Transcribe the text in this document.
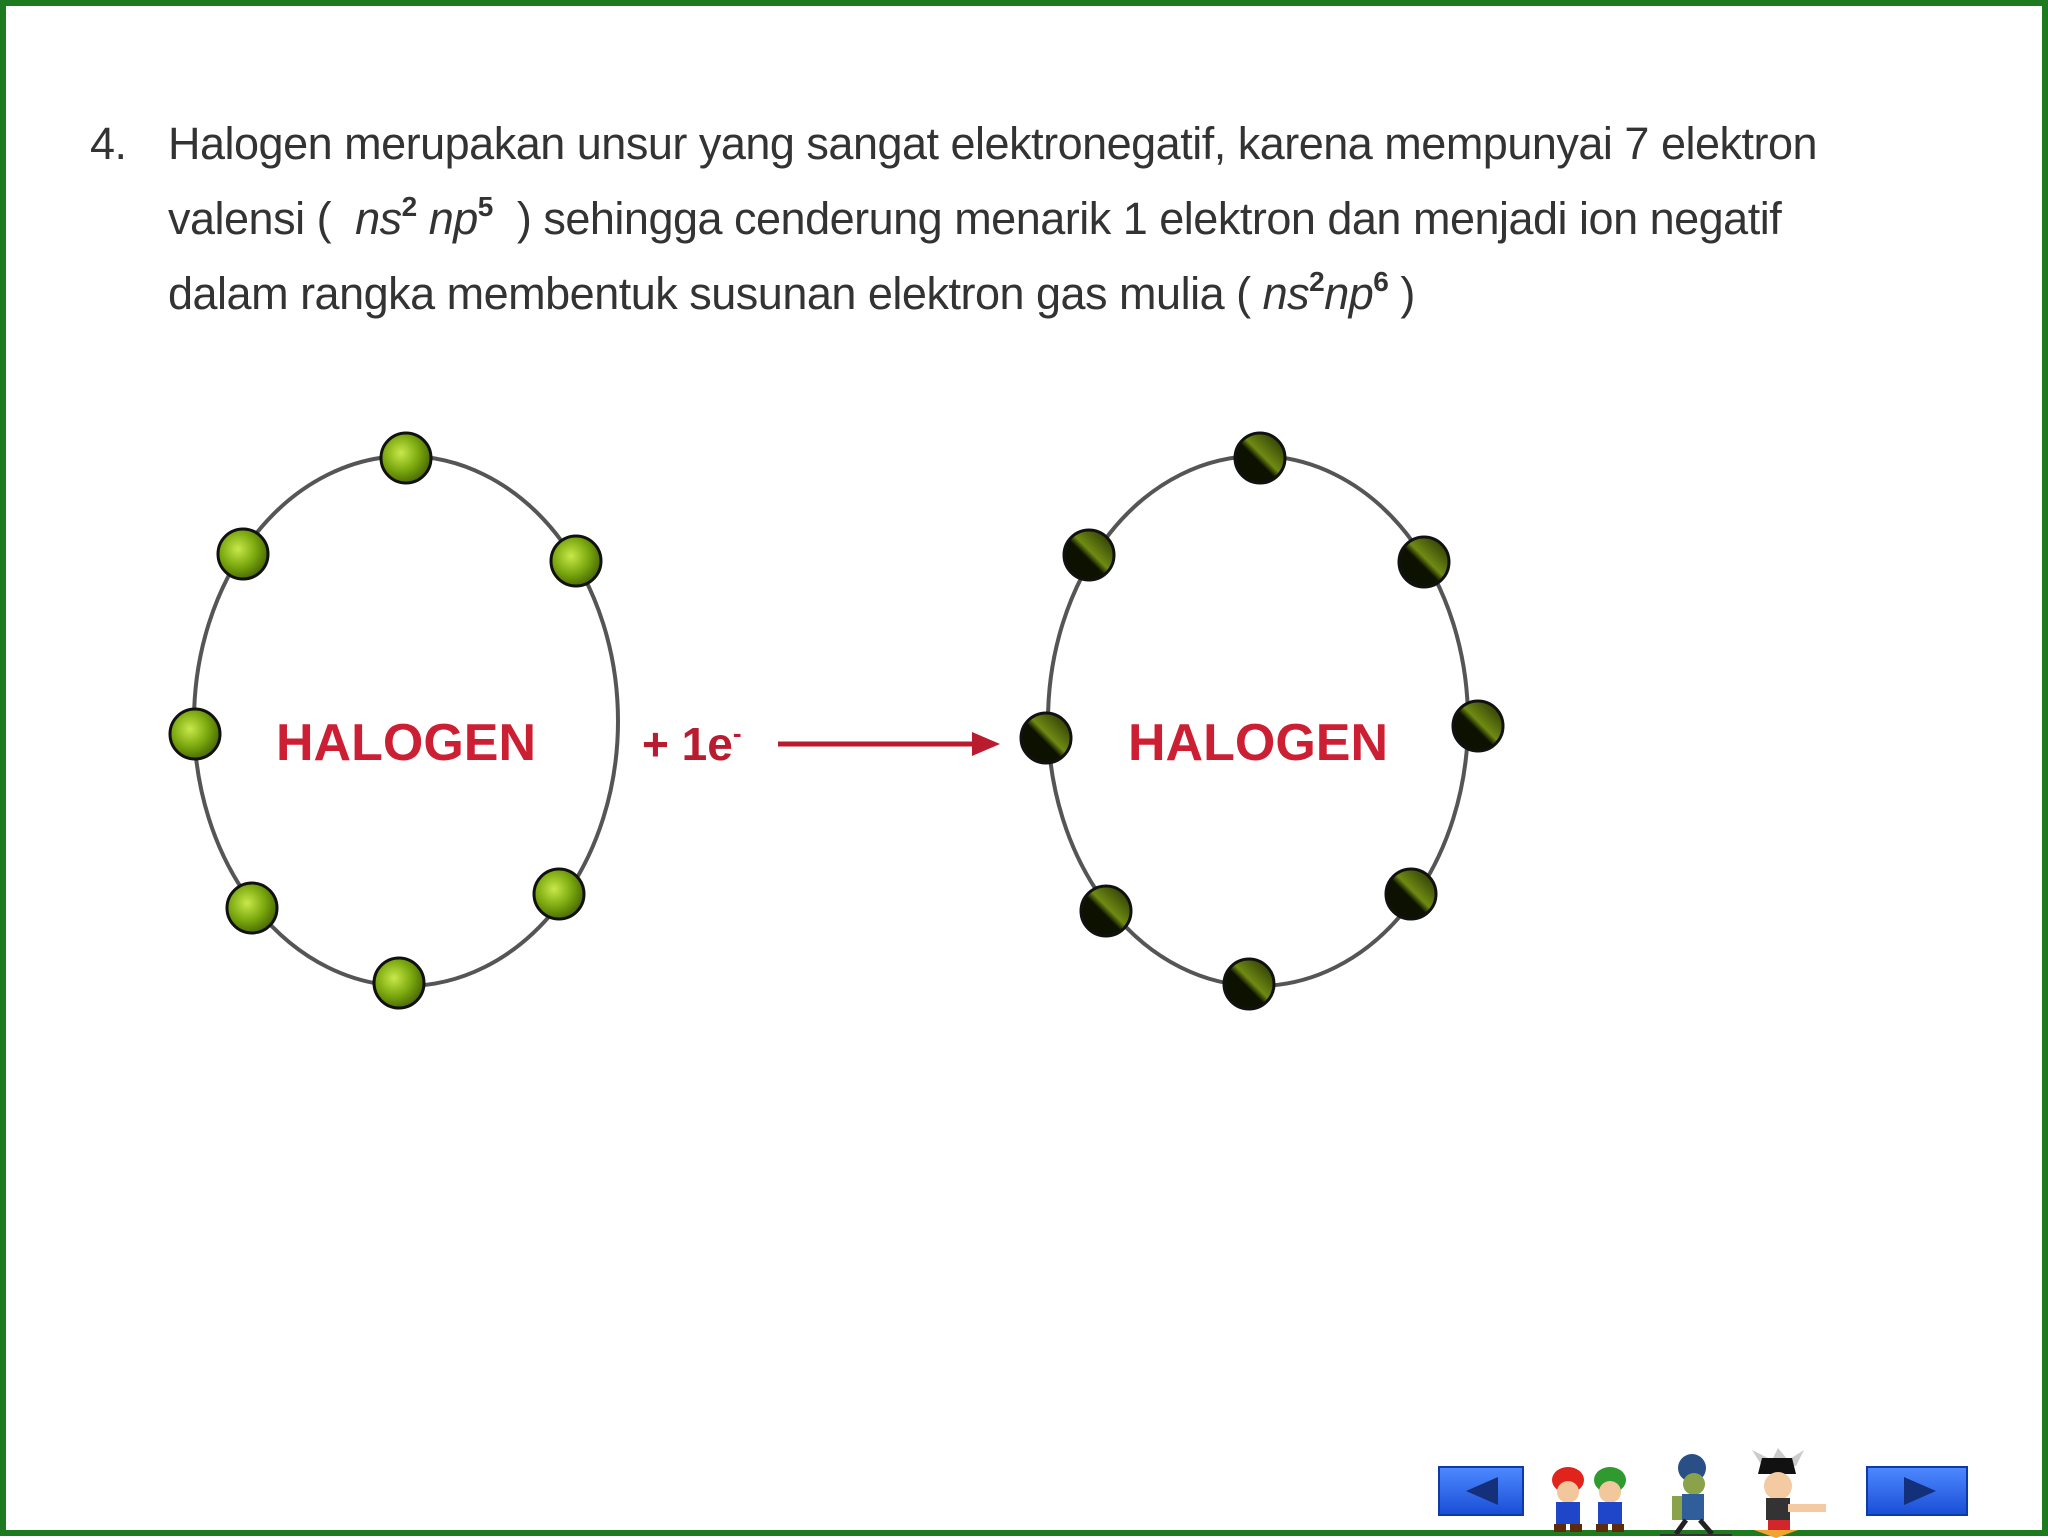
4. Halogen merupakan unsur yang sangat elektronegatif, karena mempunyai 7 elektron
valensi ( $ns^2$ $np^5$ ) sehingga cenderung menarik 1 elektron dan menjadi ion negatif
dalam rangka membentuk susunan elektron gas mulia ( $ns^2np^6$ )
HALOGEN	HALOGEN
+ 1e-
